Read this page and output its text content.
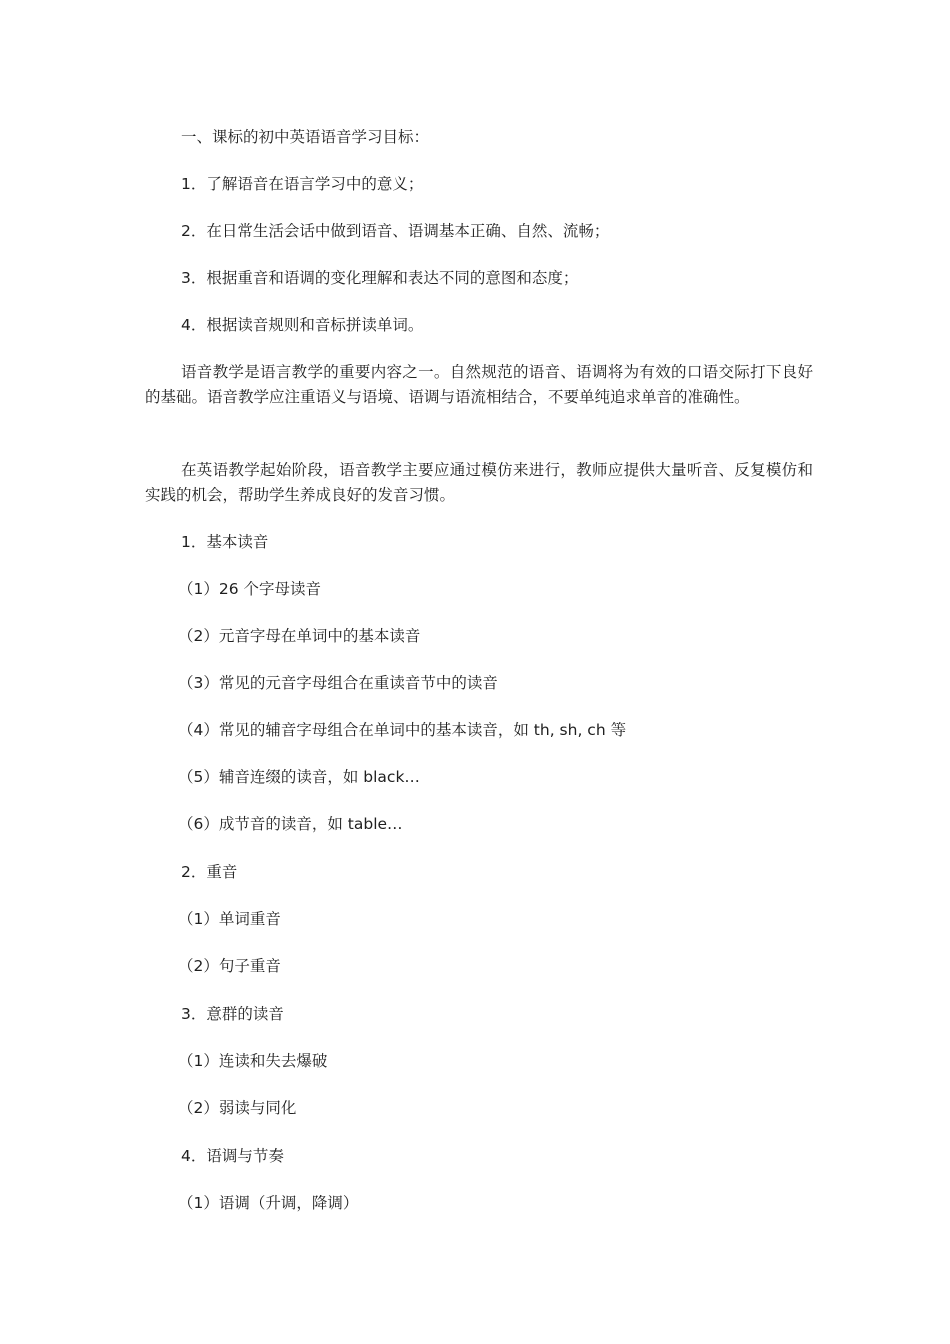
一、课标的初中英语语音学习目标：
1．了解语音在语言学习中的意义；
2．在日常生活会话中做到语音、语调基本正确、自然、流畅；
3．根据重音和语调的变化理解和表达不同的意图和态度；
4．根据读音规则和音标拼读单词。
语音教学是语言教学的重要内容之一。自然规范的语音、语调将为有效的口语交际打下良好的基础。语音教学应注重语义与语境、语调与语流相结合，不要单纯追求单音的准确性。
在英语教学起始阶段，语音教学主要应通过模仿来进行，教师应提供大量听音、反复模仿和实践的机会，帮助学生养成良好的发音习惯。
1．基本读音
（1）26 个字母读音
（2）元音字母在单词中的基本读音
（3）常见的元音字母组合在重读音节中的读音
（4）常见的辅音字母组合在单词中的基本读音，如 th, sh, ch 等
（5）辅音连缀的读音，如 black…
（6）成节音的读音，如 table…
2．重音
（1）单词重音
（2）句子重音
3．意群的读音
（1）连读和失去爆破
（2）弱读与同化
4．语调与节奏
（1）语调（升调，降调）
